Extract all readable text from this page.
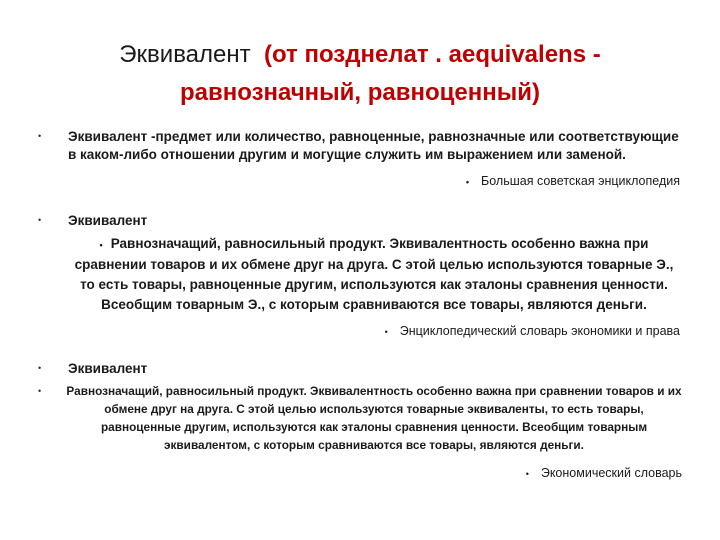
Эквивалент (от позднелат . aequivalens -
равнозначный, равноценный)
• Эквивалент -предмет или количество, равноценные, равнозначные или соответствующие в каком-либо отношении другим и могущие служить им выражением или заменой.
• Большая советская энциклопедия
• Эквивалент
• Равнозначащий, равносильный продукт. Эквивалентность особенно важна при сравнении товаров и их обмене друг на друга. С этой целью используются товарные Э., то есть товары, равноценные другим, используются как эталоны сравнения ценности. Всеобщим товарным Э., с которым сравниваются все товары, являются деньги.
• Энциклопедический словарь экономики и права
• Эквивалент
• Равнозначащий, равносильный продукт. Эквивалентность особенно важна при сравнении товаров и их обмене друг на друга. С этой целью используются товарные эквиваленты, то есть товары, равноценные другим, используются как эталоны сравнения ценности. Всеобщим товарным эквивалентом, с которым сравниваются все товары, являются деньги.
• Экономический словарь
